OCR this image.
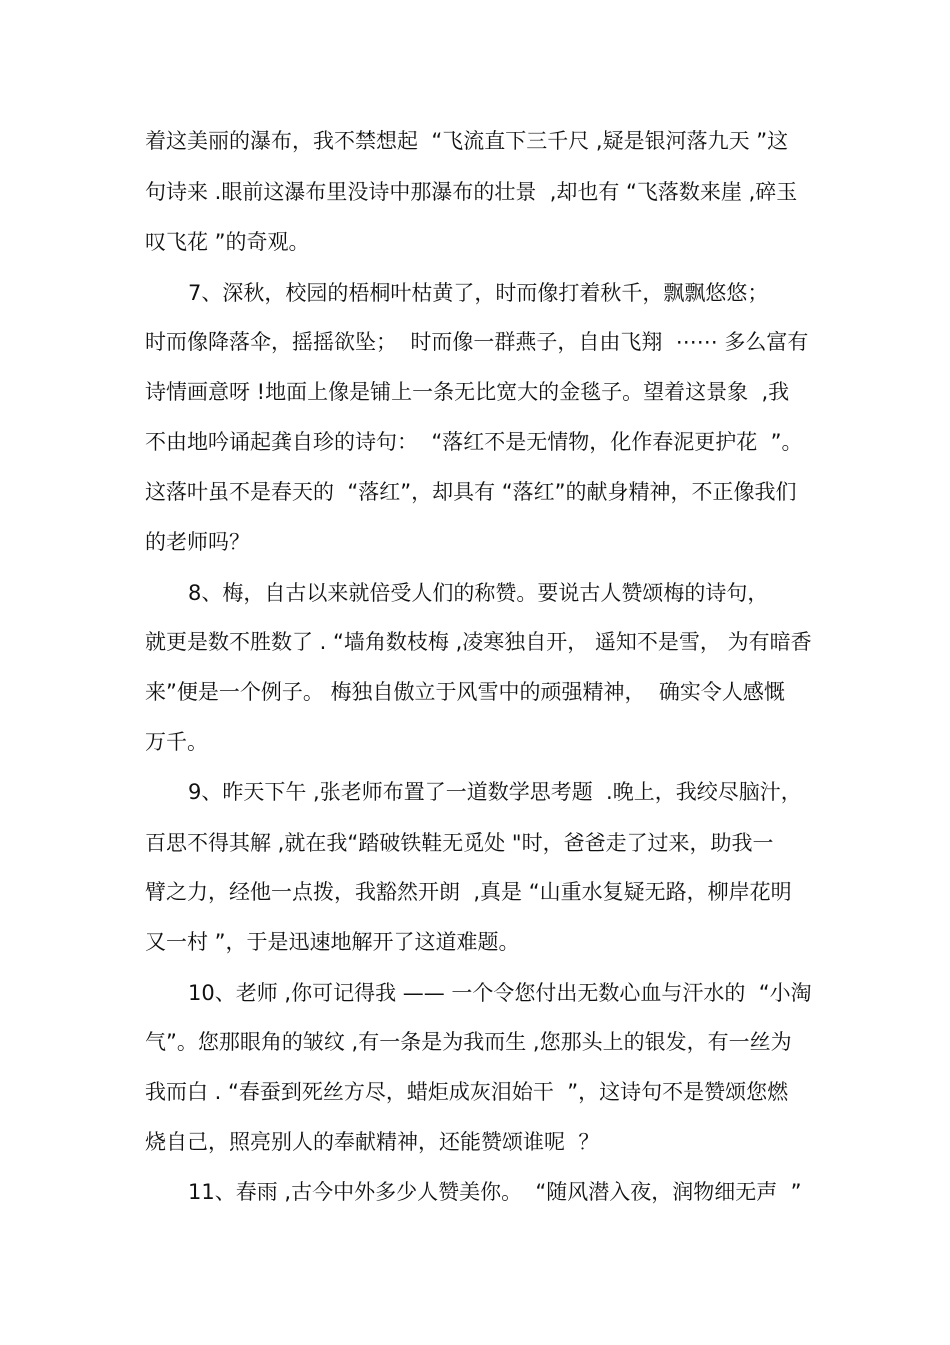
着这美丽的瀑布，我不禁想起  “飞流直下三千尺 ,疑是银河落九天 ”这
句诗来 .眼前这瀑布里没诗中那瀑布的壮景  ,却也有 “飞落数来崖 ,碎玉
叹飞花 ”的奇观。
7、深秋，校园的梧桐叶枯黄了，时而像打着秋千，飘飘悠悠；
时而像降落伞，摇摇欲坠；  时而像一群燕子，自由飞翔  ⋯⋯ 多么富有
诗情画意呀 !地面上像是铺上一条无比宽大的金毯子。望着这景象  ,我
不由地吟诵起龚自珍的诗句：  “落红不是无情物，化作春泥更护花  ”。
这落叶虽不是春天的  “落红”，却具有 “落红”的献身精神，不正像我们
的老师吗？
8、梅，自古以来就倍受人们的称赞。要说古人赞颂梅的诗句，
就更是数不胜数了 . “墙角数枝梅 ,凌寒独自开， 遥知不是雪， 为有暗香
来”便是一个例子。 梅独自傲立于风雪中的顽强精神，  确实令人感慨
万千。
9、昨天下午 ,张老师布置了一道数学思考题  .晚上，我绞尽脑汁，
百思不得其解 ,就在我“踏破铁鞋无觅处 "时，爸爸走了过来，助我一
臂之力，经他一点拨，我豁然开朗  ,真是 “山重水复疑无路，柳岸花明
又一村 ”，于是迅速地解开了这道难题。
10、老师 ,你可记得我 —— 一个令您付出无数心血与汗水的  “小淘
气”。您那眼角的皱纹 ,有一条是为我而生 ,您那头上的银发，有一丝为
我而白 . “春蚕到死丝方尽，蜡炬成灰泪始干  ”，这诗句不是赞颂您燃
烧自己，照亮别人的奉献精神，还能赞颂谁呢  ？
11、春雨 ,古今中外多少人赞美你。  “随风潜入夜，润物细无声  ”
